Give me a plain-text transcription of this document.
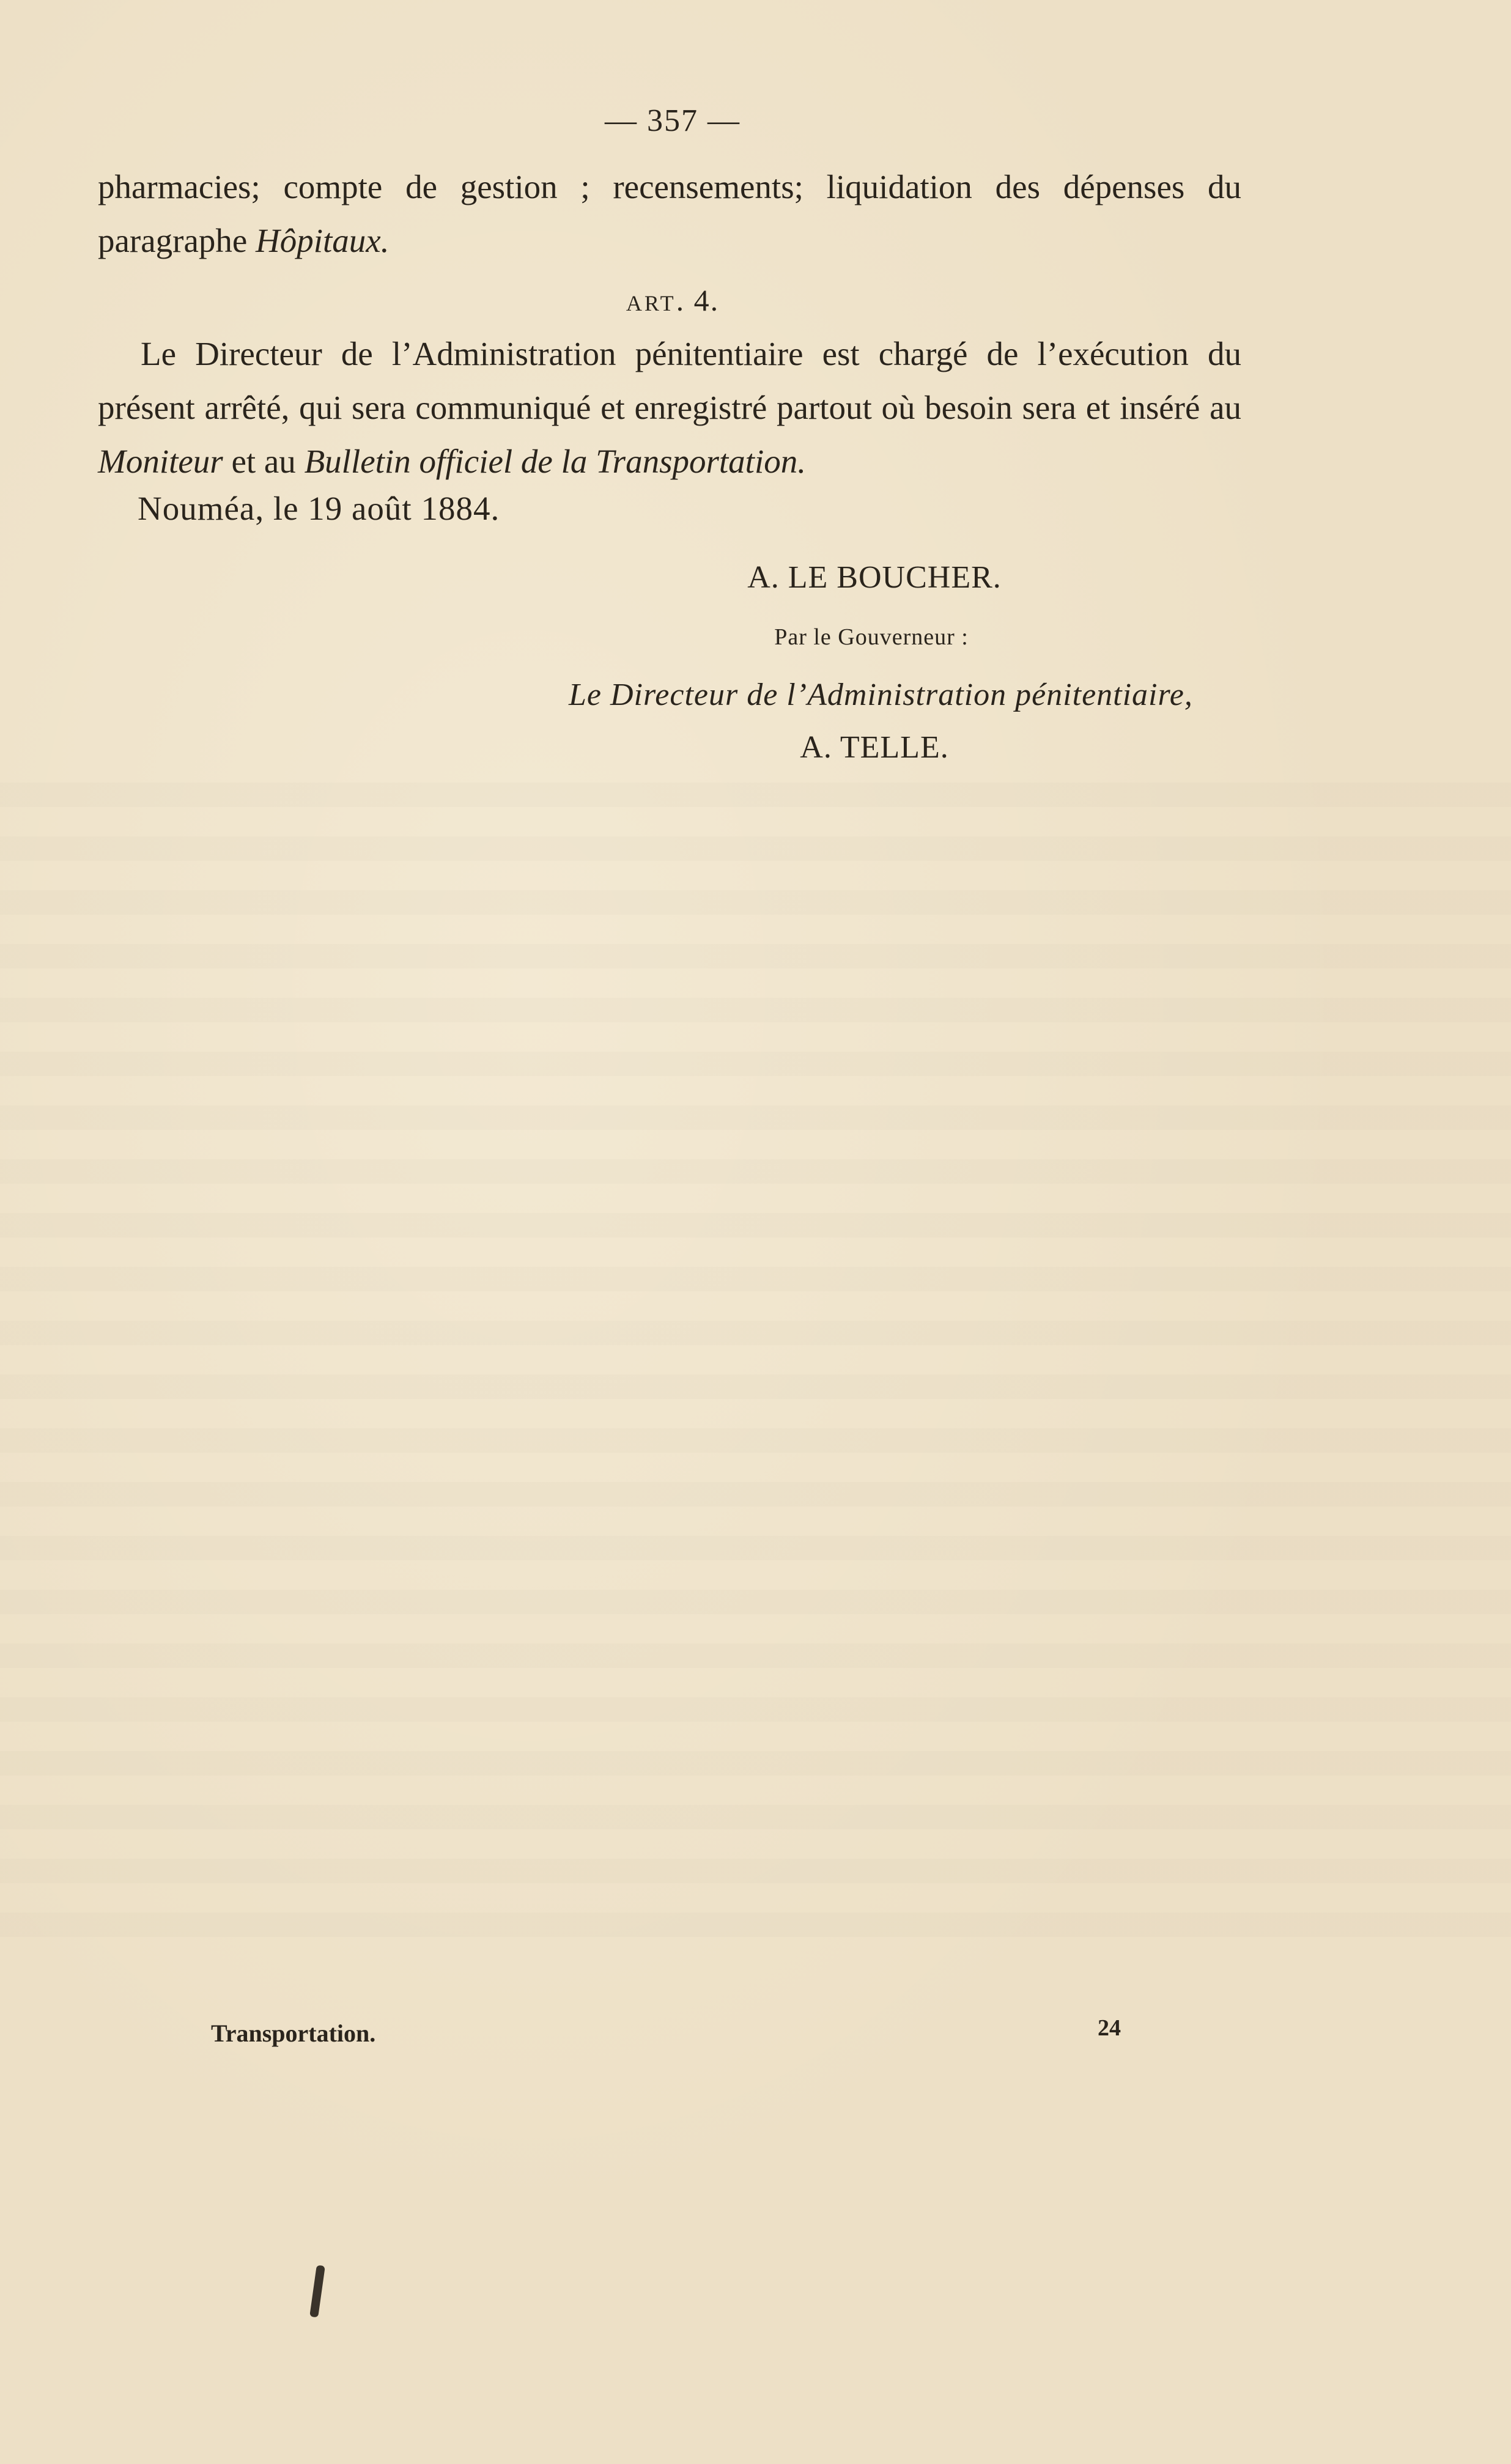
— 357 —
pharmacies; compte de gestion ; recensements; liquidation des dépenses du paragraphe Hôpitaux.
ART. 4.
Le Directeur de l’Administration pénitentiaire est chargé de l’exécution du présent arrêté, qui sera communiqué et enregistré partout où besoin sera et inséré au Moniteur et au Bulletin officiel de la Transportation.
Nouméa, le 19 août 1884.
A. LE BOUCHER.
Par le Gouverneur :
Le Directeur de l’Administration pénitentiaire,
A. TELLE.
Transportation.	24
